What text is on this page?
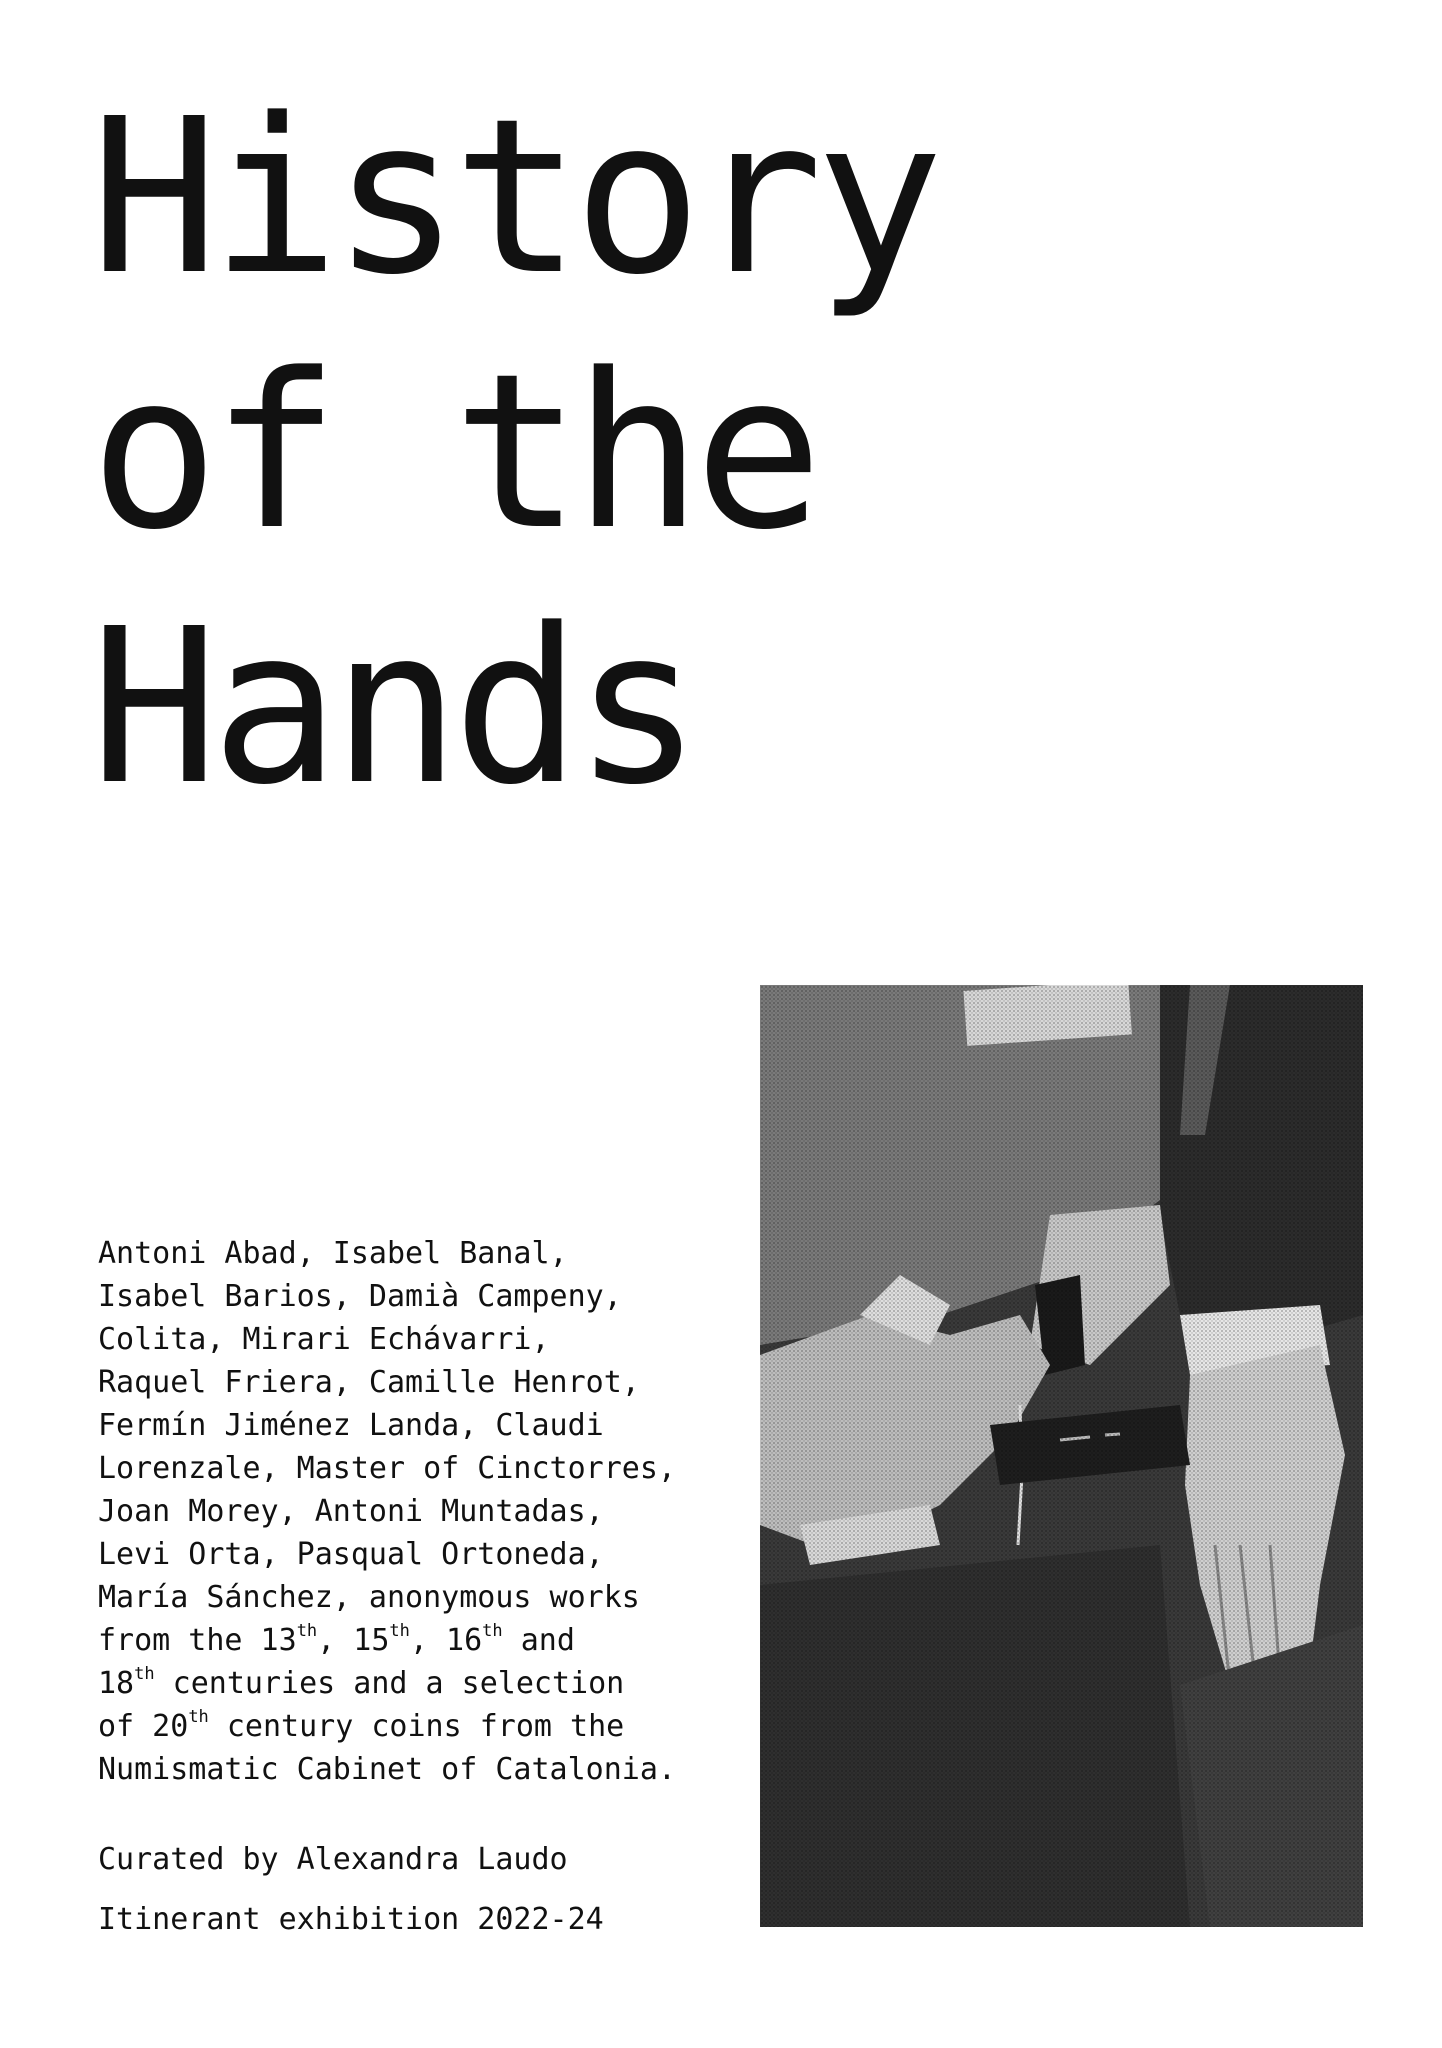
History
of the
Hands

Antoni Abad, Isabel Banal,
Isabel Barios, Damià Campeny,
Colita, Mirari Echávarri,
Raquel Friera, Camille Henrot,
Fermín Jiménez Landa, Claudi
Lorenzale, Master of Cinctorres,
Joan Morey, Antoni Muntadas,
Levi Orta, Pasqual Ortoneda,
María Sánchez, anonymous works
from the 13th, 15th, 16th and
18th centuries and a selection
of 20th century coins from the
Numismatic Cabinet of Catalonia.

Curated by Alexandra Laudo

Itinerant exhibition 2022-24
